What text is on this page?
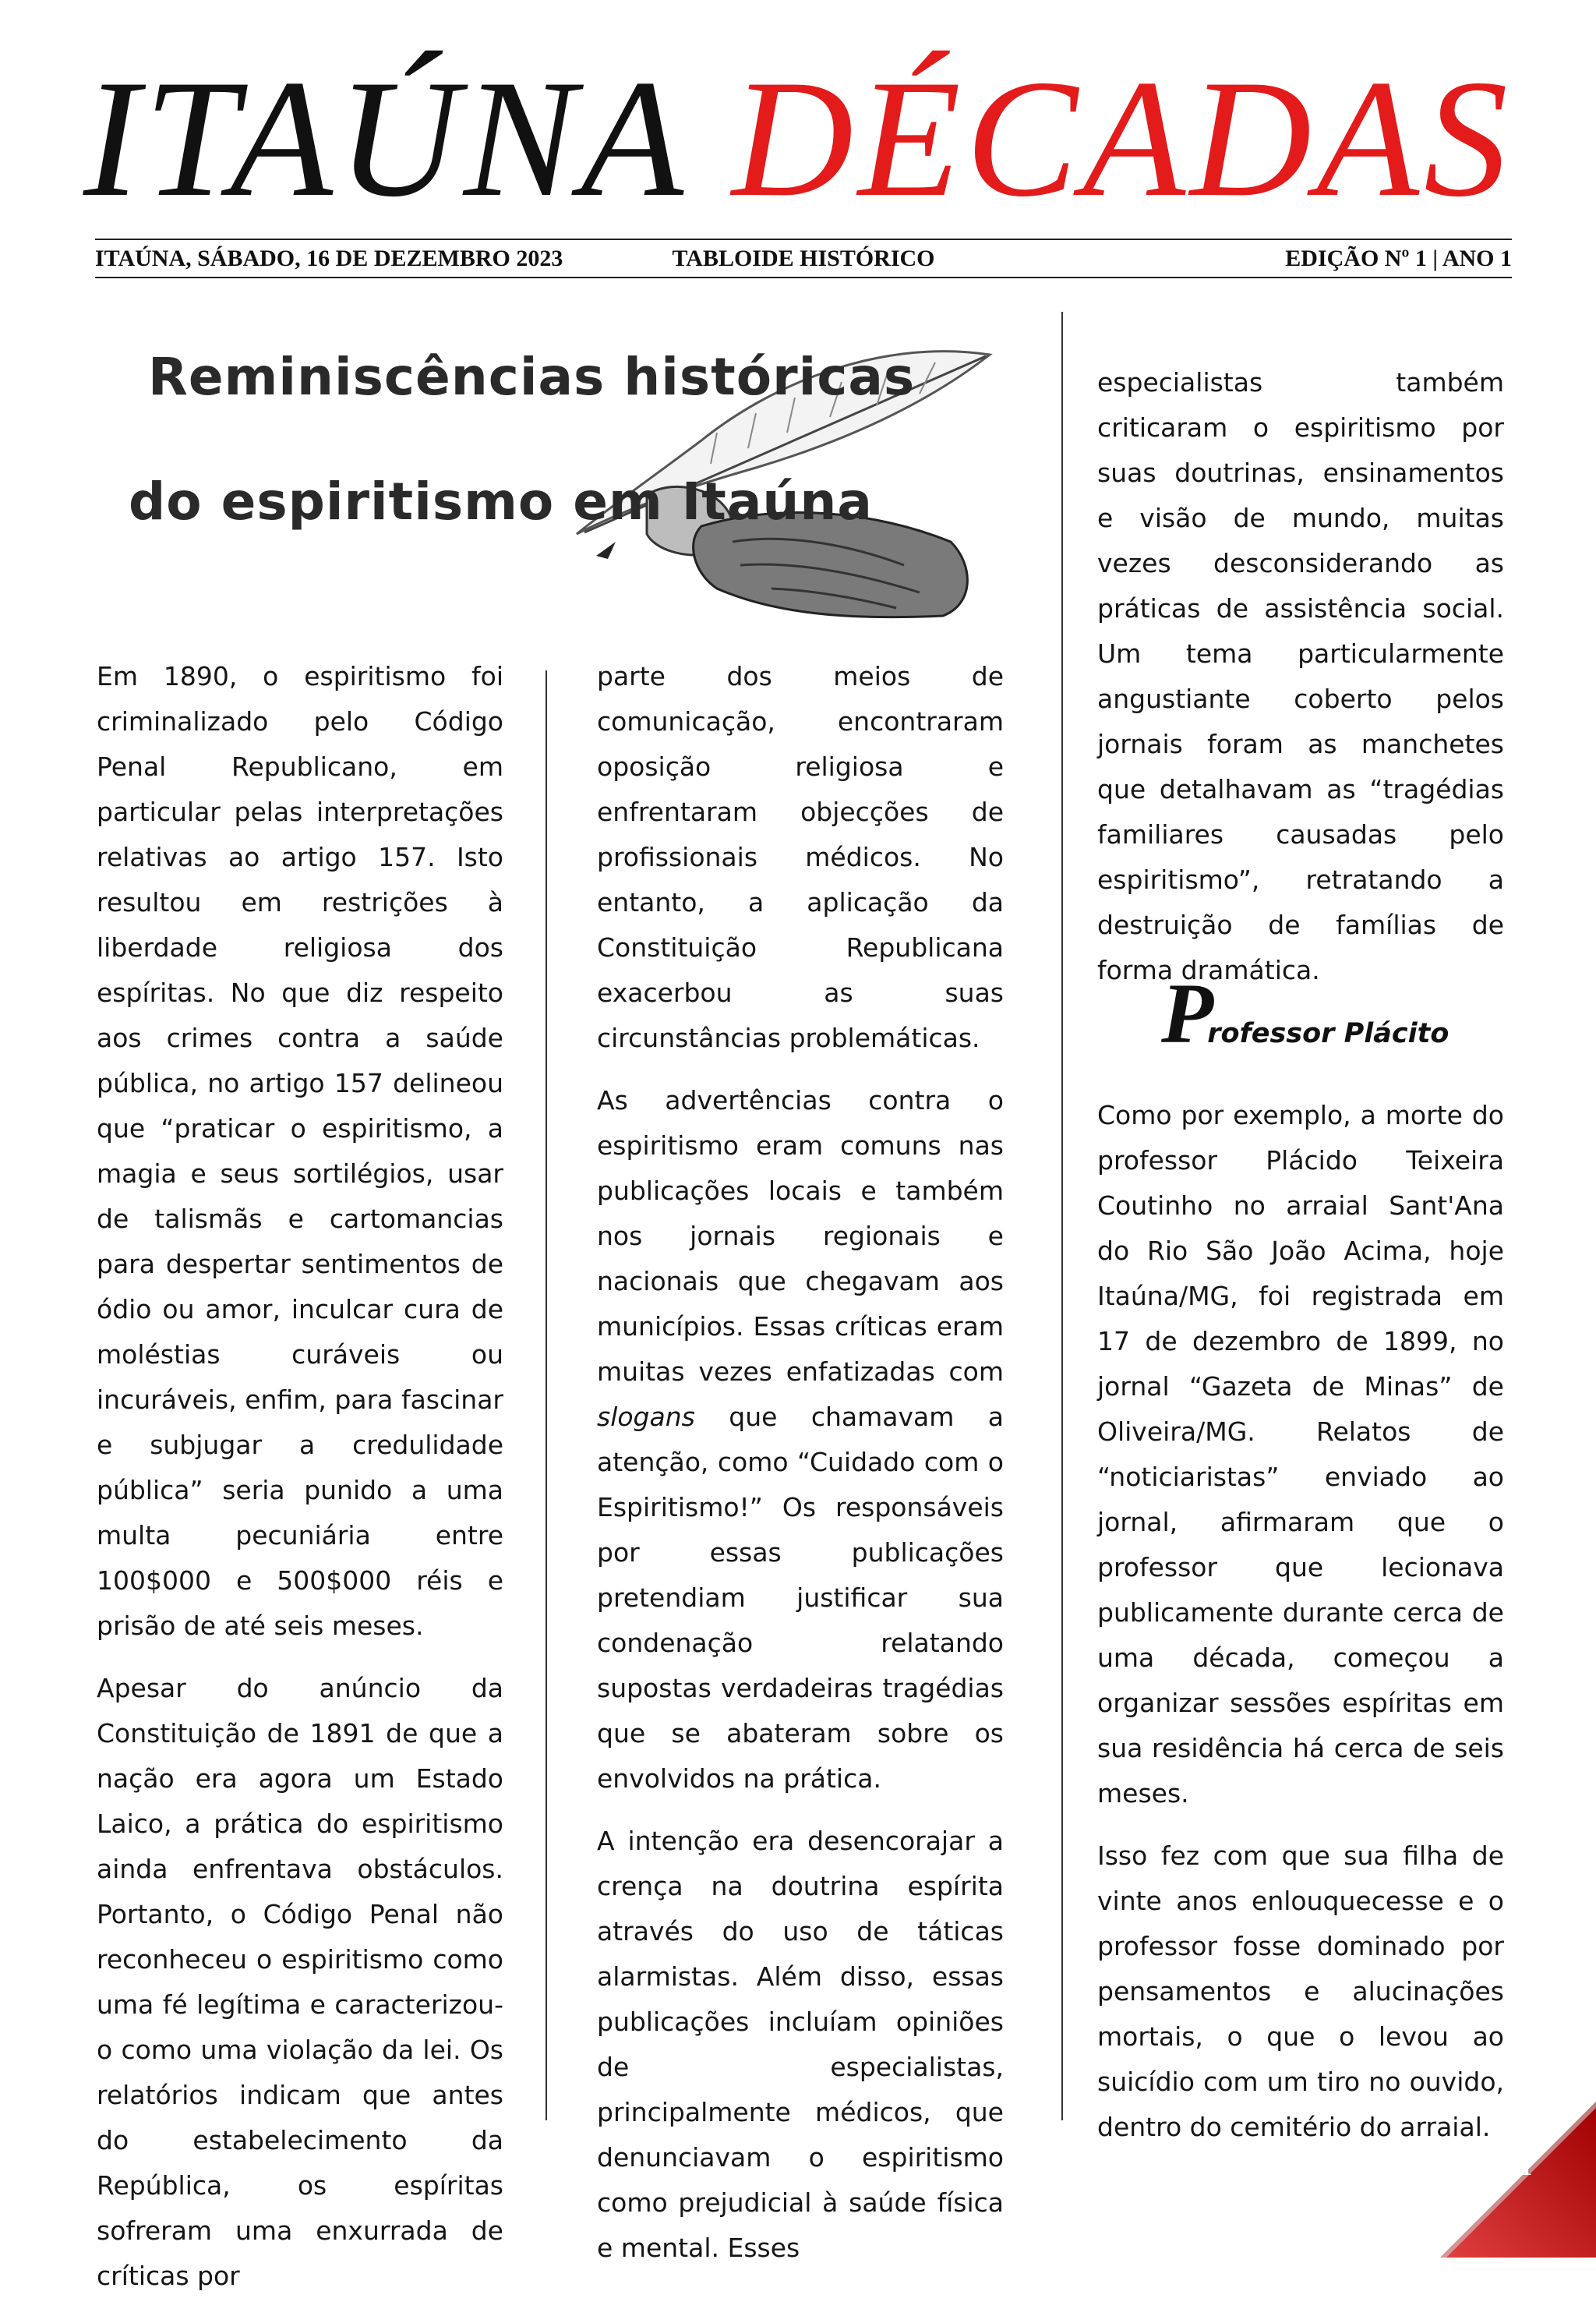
ITAÚNA DÉCADAS
ITAÚNA, SÁBADO, 16 DE DEZEMBRO 2023	TABLOIDE HISTÓRICO	EDIÇÃO Nº 1 | ANO 1
Reminiscências históricas
do espiritismo em Itaúna

Em 1890, o espiritismo foi criminalizado pelo Código Penal Republicano, em particular pelas interpretações relativas ao artigo 157. Isto resultou em restrições à liberdade religiosa dos espíritas. No que diz respeito aos crimes contra a saúde pública, no artigo 157 delineou que “praticar o espiritismo, a magia e seus sortilégios, usar de talismãs e cartomancias para despertar sentimentos de ódio ou amor, inculcar cura de moléstias curáveis ou incuráveis, enfim, para fascinar e subjugar a credulidade pública” seria punido a uma multa pecuniária entre 100$000 e 500$000 réis e prisão de até seis meses.

Apesar do anúncio da Constituição de 1891 de que a nação era agora um Estado Laico, a prática do espiritismo ainda enfrentava obstáculos. Portanto, o Código Penal não reconheceu o espiritismo como uma fé legítima e caracterizou-o como uma violação da lei. Os relatórios indicam que antes do estabelecimento da República, os espíritas sofreram uma enxurrada de críticas por

parte dos meios de comunicação, encontraram oposição religiosa e enfrentaram objecções de profissionais médicos. No entanto, a aplicação da Constituição Republicana exacerbou as suas circunstâncias problemáticas.

As advertências contra o espiritismo eram comuns nas publicações locais e também nos jornais regionais e nacionais que chegavam aos municípios. Essas críticas eram muitas vezes enfatizadas com slogans que chamavam a atenção, como “Cuidado com o Espiritismo!” Os responsáveis por essas publicações pretendiam justificar sua condenação relatando supostas verdadeiras tragédias que se abateram sobre os envolvidos na prática.

A intenção era desencorajar a crença na doutrina espírita através do uso de táticas alarmistas. Além disso, essas publicações incluíam opiniões de especialistas, principalmente médicos, que denunciavam o espiritismo como prejudicial à saúde física e mental. Esses

especialistas também criticaram o espiritismo por suas doutrinas, ensinamentos e visão de mundo, muitas vezes desconsiderando as práticas de assistência social. Um tema particularmente angustiante coberto pelos jornais foram as manchetes que detalhavam as “tragédias familiares causadas pelo espiritismo”, retratando a destruição de famílias de forma dramática.

Professor Plácito

Como por exemplo, a morte do professor Plácido Teixeira Coutinho no arraial Sant'Ana do Rio São João Acima, hoje Itaúna/MG, foi registrada em 17 de dezembro de 1899, no jornal “Gazeta de Minas” de Oliveira/MG. Relatos de “noticiaristas” enviado ao jornal, afirmaram que o professor que lecionava publicamente durante cerca de uma década, começou a organizar sessões espíritas em sua residência há cerca de seis meses.

Isso fez com que sua filha de vinte anos enlouquecesse e o professor fosse dominado por pensamentos e alucinações mortais, o que o levou ao suicídio com um tiro no ouvido, dentro do cemitério do arraial.

1
